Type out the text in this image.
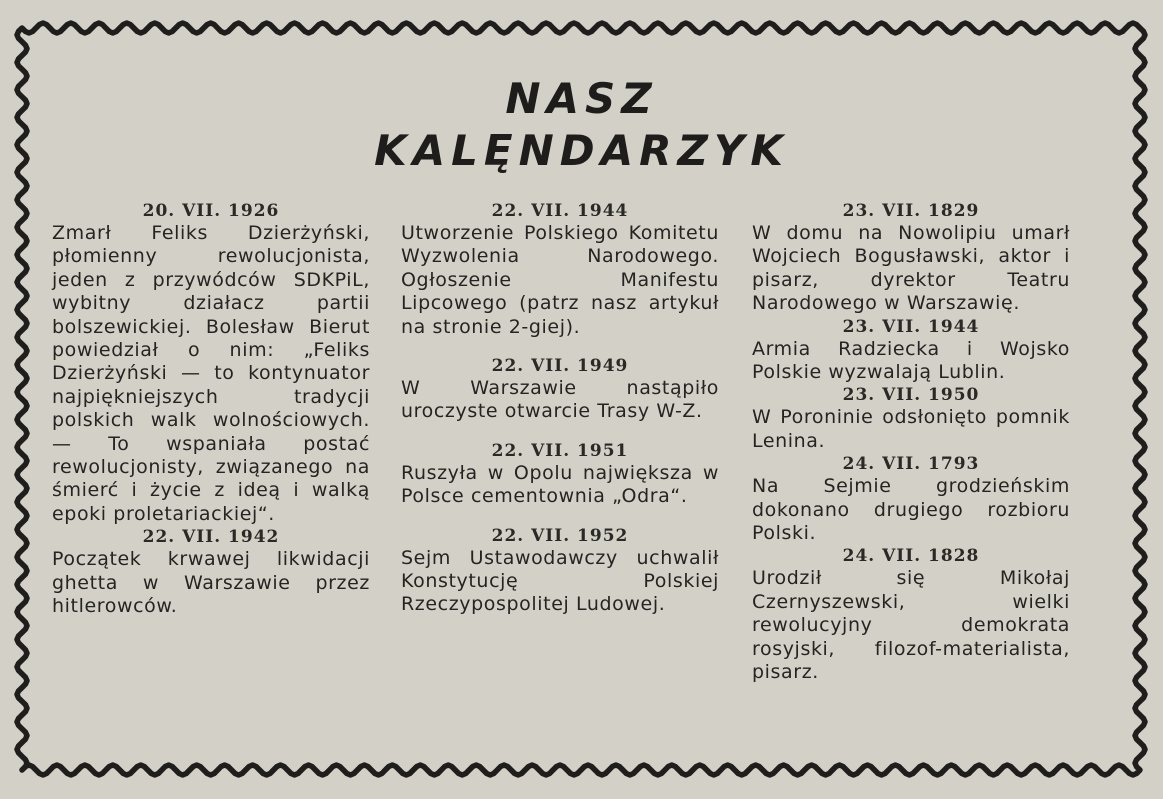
NASZ
KALĘNDARZYK
20. VII. 1926
Zmarł Feliks Dzierżyński, płomienny rewolucjonista, jeden z przywódców SDKPiL, wybitny działacz partii bolszewickiej. Bolesław Bierut powiedział o nim: „Feliks Dzierżyński — to kontynuator najpiękniejszych tradycji polskich walk wolnościowych. — To wspaniała postać rewolucjonisty, związanego na śmierć i życie z ideą i walką epoki proletariackiej“.
22. VII. 1942
Początek krwawej likwidacji ghetta w Warszawie przez hitlerowców.
22. VII. 1944
Utworzenie Polskiego Komitetu Wyzwolenia Narodowego. Ogłoszenie Manifestu Lipcowego (patrz nasz artykuł na stronie 2-giej).
22. VII. 1949
W Warszawie nastąpiło uroczyste otwarcie Trasy W-Z.
22. VII. 1951
Ruszyła w Opolu największa w Polsce cementownia „Odra“.
22. VII. 1952
Sejm Ustawodawczy uchwalił Konstytucję Polskiej Rzeczypospolitej Ludowej.
23. VII. 1829
W domu na Nowolipiu umarł Wojciech Bogusławski, aktor i pisarz, dyrektor Teatru Narodowego w Warszawię.
23. VII. 1944
Armia Radziecka i Wojsko Polskie wyzwalają Lublin.
23. VII. 1950
W Poroninie odsłonięto pomnik Lenina.
24. VII. 1793
Na Sejmie grodzieńskim dokonano drugiego rozbioru Polski.
24. VII. 1828
Urodził się Mikołaj Czernyszewski, wielki rewolucyjny demokrata rosyjski, filozof-materialista, pisarz.
